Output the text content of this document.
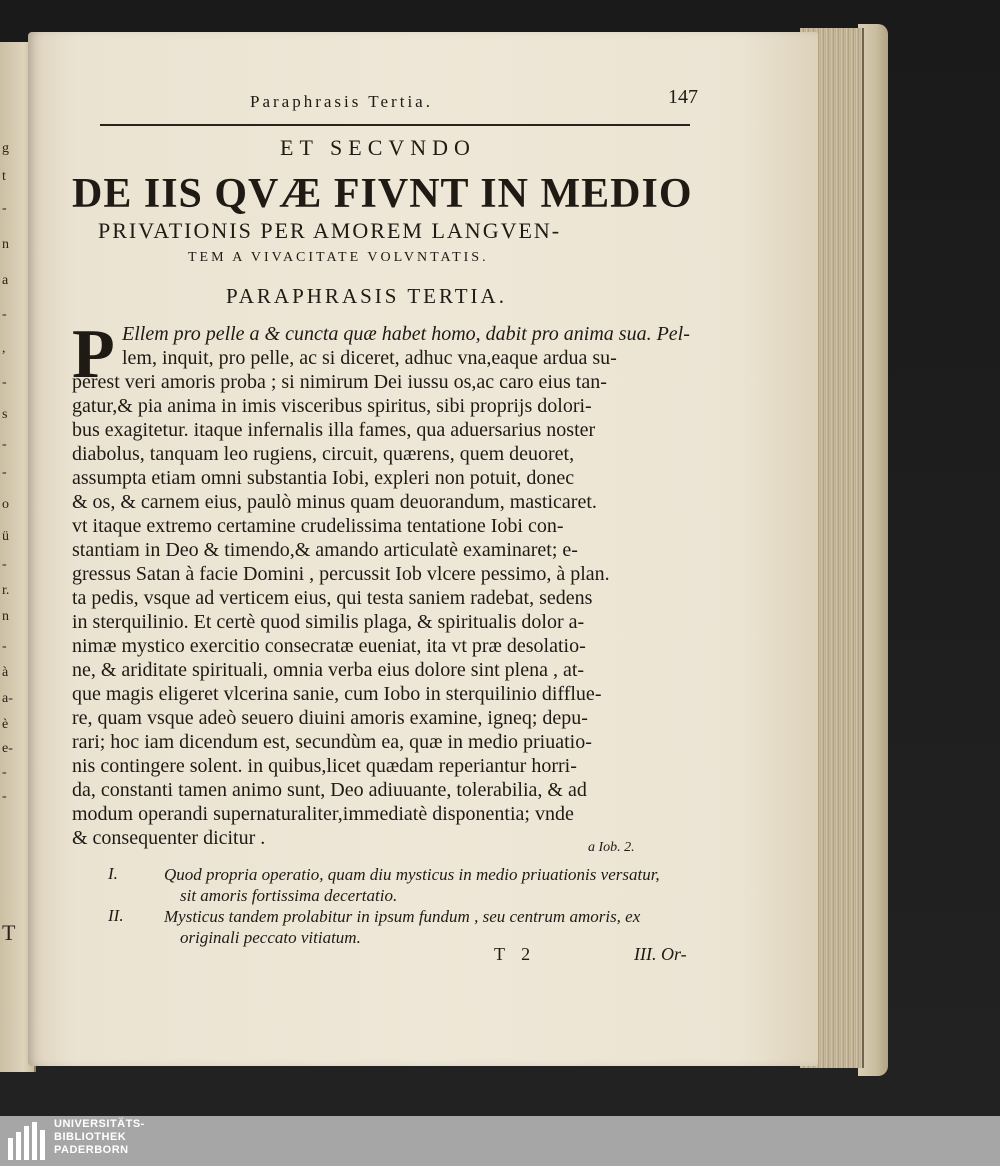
g
t
-
n
a
-
,
-
s
-
-
o
ü
-
r.
n
-
à
a-
è
e-
-
-
T
Paraphrasis Tertia.	147
ET SECVNDO
DE IIS QVÆ FIVNT IN MEDIO
PRIVATIONIS PER AMOREM LANGVEN-
TEM A VIVACITATE VOLVNTATIS.
PARAPHRASIS TERTIA.
P Ellem pro pelle a & cuncta quæ habet homo, dabit pro anima sua. Pel-
lem, inquit, pro pelle, ac si diceret, adhuc vna,eaque ardua su-
perest veri amoris proba ; si nimirum Dei iussu os,ac caro eius tan-
gatur,& pia anima in imis visceribus spiritus, sibi proprijs dolori-
bus exagitetur. itaque infernalis illa fames, qua aduersarius noster
diabolus, tanquam leo rugiens, circuit, quærens, quem deuoret,
assumpta etiam omni substantia Iobi, expleri non potuit, donec
& os, & carnem eius, paulò minus quam deuorandum, masticaret.
vt itaque extremo certamine crudelissima tentatione Iobi con-
stantiam in Deo & timendo,& amando articulatè examinaret; e-
gressus Satan à facie Domini , percussit Iob vlcere pessimo, à plan.
ta pedis, vsque ad verticem eius, qui testa saniem radebat, sedens
in sterquilinio. Et certè quod similis plaga, & spiritualis dolor a-
nimæ mystico exercitio consecratæ eueniat, ita vt præ desolatio-
ne, & ariditate spirituali, omnia verba eius dolore sint plena , at-
que magis eligeret vlcerina sanie, cum Iobo in sterquilinio difflue-
re, quam vsque adeò seuero diuini amoris examine, igneq; depu-
rari; hoc iam dicendum est, secundùm ea, quæ in medio priuatio-
nis contingere solent. in quibus,licet quædam reperiantur horri-
da, constanti tamen animo sunt, Deo adiuuante, tolerabilia, & ad
modum operandi supernaturaliter,immediatè disponentia; vnde
& consequenter dicitur .	a Iob. 2.
I.	Quod propria operatio, quam diu mysticus in medio priuationis versatur,
sit amoris fortissima decertatio.
II. Mysticus tandem prolabitur in ipsum fundum , seu centrum amoris, ex
originali peccato vitiatum.
T 2	III. Or-
UNIVERSITÄTS-
BIBLIOTHEK
PADERBORN
